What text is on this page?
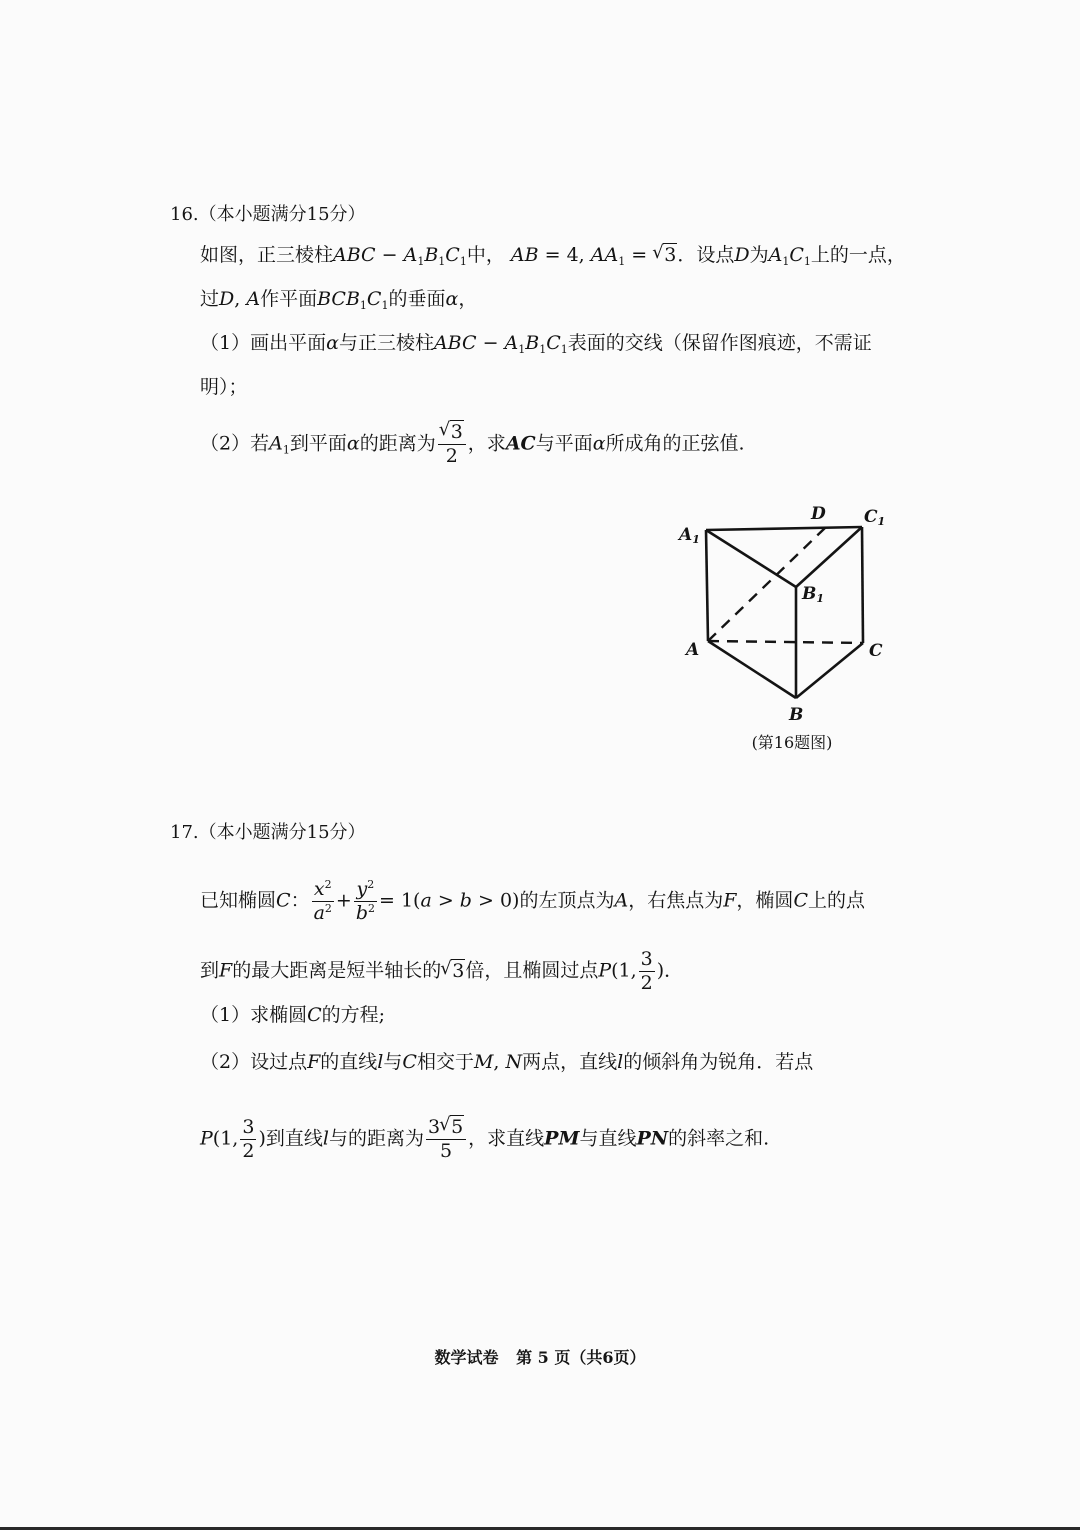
16.（本小题满分15分）
如图，正三棱柱ABC − $A_1B_1C_1$中， AB = 4, $AA_1$ = √ 3．设点D为$A_1C_1$上的一点，
过D, A作平面$BCB_1C_1$的垂面α，
（1）画出平面α与正三棱柱ABC − $A_1B_1C_1$表面的交线（保留作图痕迹，不需证
明）；
（2）若$A_1$到平面α的距离为 √ $\frac{3}{2}$ ，求AC与平面α所成角的正弦值.
A1
D C1
B1
A	C
B
(第16题图)
17.（本小题满分15分）
已知椭圆C： $\frac{x^2}{a^2} + \frac{y^2}{b^2} = 1(a > b > 0)$的左顶点为A，右焦点为F，椭圆C上的点
到F的最大距离是短半轴长的 √ 3倍，且椭圆过点P(1, $\frac{3}{2}$ )．
（1）求椭圆C的方程;
（2）设过点F的直线l与C相交于M, N两点，直线l的倾斜角为锐角．若点
P(1, $\frac{3}{2}$ )到直线l与的距离为 $\frac{3 √ 5}{5}$ ，求直线PM与直线PN的斜率之和.
数学试卷 第 5 页（共6页）
